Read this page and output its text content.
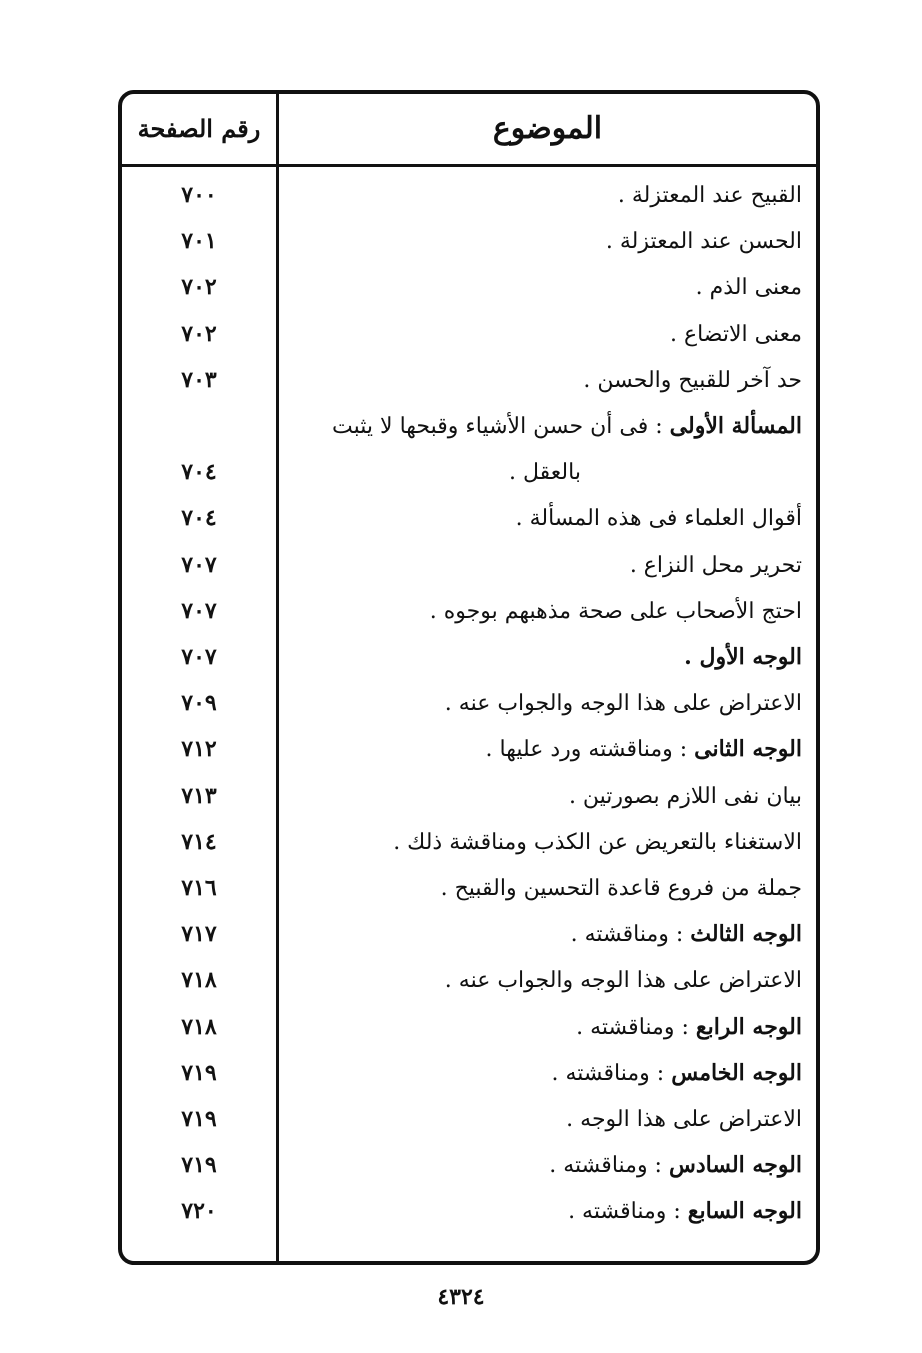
الموضوع
رقم الصفحة
القبيح عند المعتزلة .
٧٠٠
الحسن عند المعتزلة .
٧٠١
معنى الذم .
٧٠٢
معنى الاتضاع .
٧٠٢
حد آخر للقبيح والحسن .
٧٠٣
المسألة الأولى : فى أن حسن الأشياء وقبحها لا يثبت
بالعقل .
٧٠٤
أقوال العلماء فى هذه المسألة .
٧٠٤
تحرير محل النزاع .
٧٠٧
احتج الأصحاب على صحة مذهبهم بوجوه .
٧٠٧
الوجه الأول .
٧٠٧
الاعتراض على هذا الوجه والجواب عنه .
٧٠٩
الوجه الثانى : ومناقشته ورد عليها .
٧١٢
بيان نفى اللازم بصورتين .
٧١٣
الاستغناء بالتعريض عن الكذب ومناقشة ذلك .
٧١٤
جملة من فروع قاعدة التحسين والقبيح .
٧١٦
الوجه الثالث : ومناقشته .
٧١٧
الاعتراض على هذا الوجه والجواب عنه .
٧١٨
الوجه الرابع : ومناقشته .
٧١٨
الوجه الخامس : ومناقشته .
٧١٩
الاعتراض على هذا الوجه .
٧١٩
الوجه السادس : ومناقشته .
٧١٩
الوجه السابع : ومناقشته .
٧٢٠
٤٣٢٤
